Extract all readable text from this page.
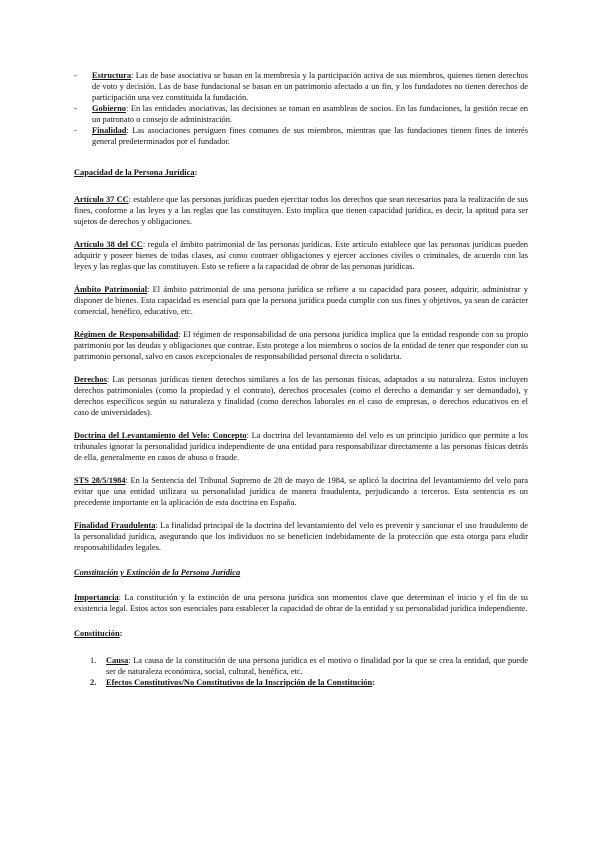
- Estructura: Las de base asociativa se basan en la membresía y la participación activa de sus miembros, quienes tienen derechos de voto y decisión. Las de base fundacional se basan en un patrimonio afectado a un fin, y los fundadores no tienen derechos de participación una vez constituida la fundación.
- Gobierno: En las entidades asociativas, las decisiones se toman en asambleas de socios. En las fundaciones, la gestión recae en un patronato o consejo de administración.
- Finalidad: Las asociaciones persiguen fines comunes de sus miembros, mientras que las fundaciones tienen fines de interés general predeterminados por el fundador.

Capacidad de la Persona Jurídica:

Artículo 37 CC: establece que las personas jurídicas pueden ejercitar todos los derechos que sean necesarios para la realización de sus fines, conforme a las leyes y a las reglas que las constituyen. Esto implica que tienen capacidad jurídica, es decir, la aptitud para ser sujetos de derechos y obligaciones.

Artículo 38 del CC: regula el ámbito patrimonial de las personas jurídicas. Este artículo establece que las personas jurídicas pueden adquirir y poseer bienes de todas clases, así como contraer obligaciones y ejercer acciones civiles o criminales, de acuerdo con las leyes y las reglas que las constituyen. Esto se refiere a la capacidad de obrar de las personas jurídicas.

Ámbito Patrimonial: El ámbito patrimonial de una persona jurídica se refiere a su capacidad para poseer, adquirir, administrar y disponer de bienes. Esta capacidad es esencial para que la persona jurídica pueda cumplir con sus fines y objetivos, ya sean de carácter comercial, benéfico, educativo, etc.

Régimen de Responsabilidad: El régimen de responsabilidad de una persona jurídica implica que la entidad responde con su propio patrimonio por las deudas y obligaciones que contrae. Esto protege a los miembros o socios de la entidad de tener que responder con su patrimonio personal, salvo en casos excepcionales de responsabilidad personal directa o solidaria.

Derechos: Las personas jurídicas tienen derechos similares a los de las personas físicas, adaptados a su naturaleza. Estos incluyen derechos patrimoniales (como la propiedad y el contrato), derechos procesales (como el derecho a demandar y ser demandado), y derechos específicos según su naturaleza y finalidad (como derechos laborales en el caso de empresas, o derechos educativos en el caso de universidades).

Doctrina del Levantamiento del Velo: Concepto: La doctrina del levantamiento del velo es un principio jurídico que permite a los tribunales ignorar la personalidad jurídica independiente de una entidad para responsabilizar directamente a las personas físicas detrás de ella, generalmente en casos de abuso o fraude.

STS 28/5/1984: En la Sentencia del Tribunal Supremo de 28 de mayo de 1984, se aplicó la doctrina del levantamiento del velo para evitar que una entidad utilizara su personalidad jurídica de manera fraudulenta, perjudicando a terceros. Esta sentencia es un precedente importante en la aplicación de esta doctrina en España.

Finalidad Fraudulenta: La finalidad principal de la doctrina del levantamiento del velo es prevenir y sancionar el uso fraudulento de la personalidad jurídica, asegurando que los individuos no se beneficien indebidamente de la protección que esta otorga para eludir responsabilidades legales.

Constitución y Extinción de la Persona Jurídica

Importancia: La constitución y la extinción de una persona jurídica son momentos clave que determinan el inicio y el fin de su existencia legal. Estos actos son esenciales para establecer la capacidad de obrar de la entidad y su personalidad jurídica independiente.

Constitución:

1. Causa: La causa de la constitución de una persona jurídica es el motivo o finalidad por la que se crea la entidad, que puede ser de naturaleza económica, social, cultural, benéfica, etc.
2. Efectos Constitutivos/No Constitutivos de la Inscripción de la Constitución:
